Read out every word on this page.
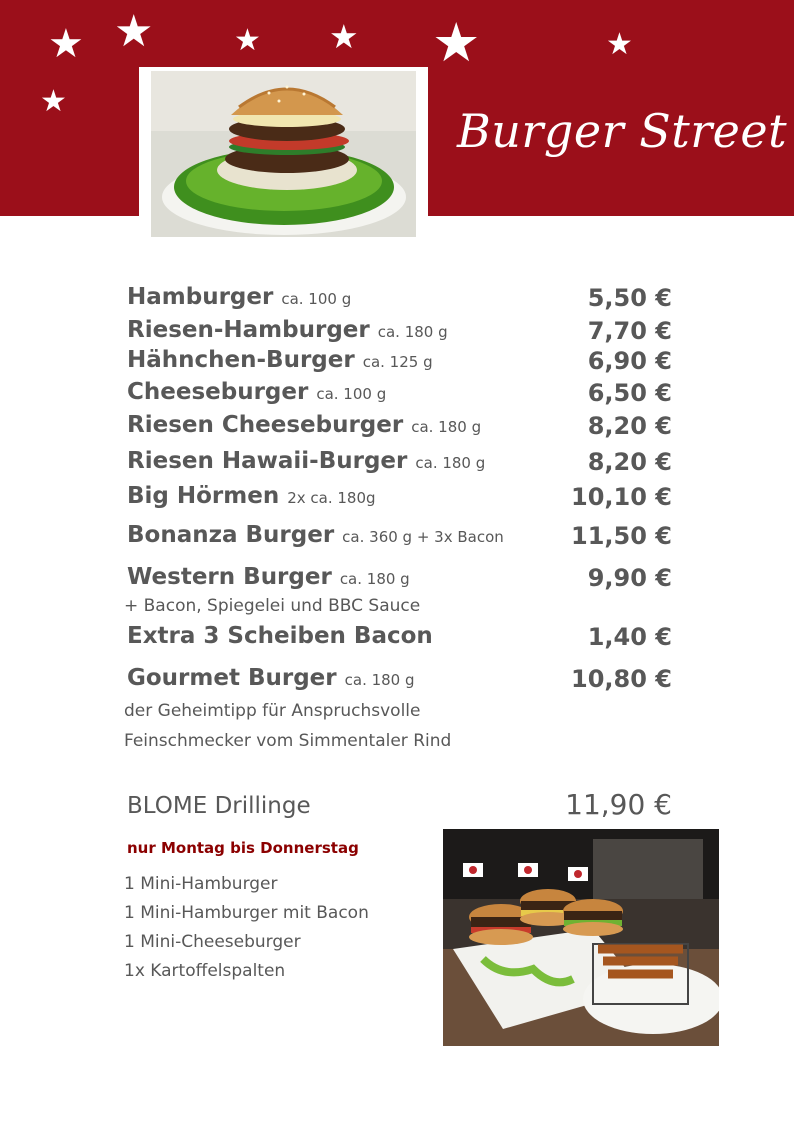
★ ★	★ ★ ★	★
★
Burger Street
Hamburger ca. 100 g	5,50 €
Riesen-Hamburger ca. 180 g	7,70 €
Hähnchen-Burger ca. 125 g	6,90 €
Cheeseburger ca. 100 g	6,50 €
Riesen Cheeseburger ca. 180 g	8,20 €
Riesen Hawaii-Burger ca. 180 g	8,20 €
Big Hörmen 2x ca. 180g	10,10 €
Bonanza Burger ca. 360 g + 3x Bacon	11,50 €
Western Burger ca. 180 g	9,90 €
+ Bacon, Spiegelei und BBC Sauce
Extra 3 Scheiben Bacon	1,40 €
Gourmet Burger ca. 180 g	10,80 €
der Geheimtipp für Anspruchsvolle
Feinschmecker vom Simmentaler Rind
BLOME Drillinge	11,90 €
nur Montag bis Donnerstag
1 Mini-Hamburger
1 Mini-Hamburger mit Bacon
1 Mini-Cheeseburger
1x Kartoffelspalten
